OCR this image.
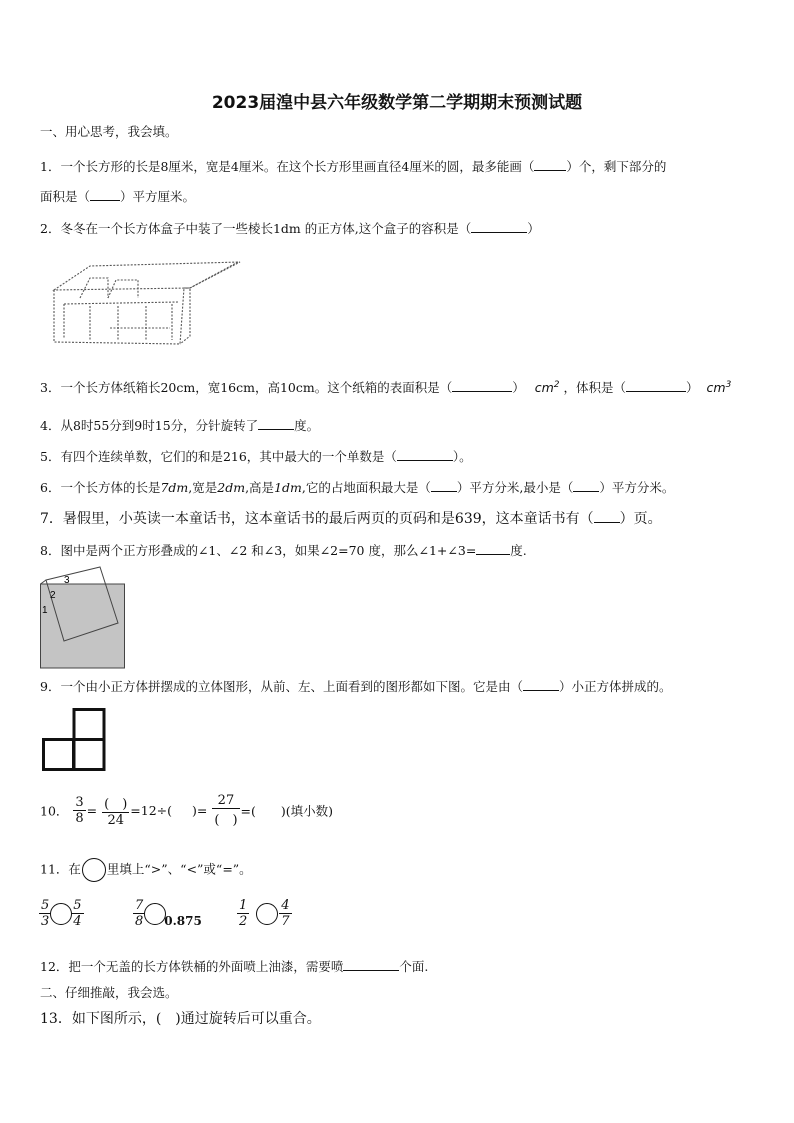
2023届湟中县六年级数学第二学期期末预测试题
一、用心思考，我会填。
1．一个长方形的长是8厘米，宽是4厘米。在这个长方形里画直径4厘米的圆，最多能画（	）个，剩下部分的
面积是（ ）平方厘米。
2．冬冬在一个长方体盒子中装了一些棱长1dm 的正方体,这个盒子的容积是（	）
3．一个长方体纸箱长20cm，宽16cm，高10cm。这个纸箱的表面积是（	） $cm^2$ ，体积是（	） $cm^3$
4．从8时55分到9时15分，分针旋转了	度。
5．有四个连续单数，它们的和是216，其中最大的一个单数是（	）。
6．一个长方体的长是7dm,宽是2dm,高是1dm,它的占地面积最大是（ ）平方分米,最小是（ ）平方分米。
7．暑假里，小英读一本童话书，这本童话书的最后两页的页码和是639，这本童话书有（ ）页。
8．图中是两个正方形叠成的∠1、∠2 和∠3，如果∠2=70 度，那么∠1+∠3=	度.
3
2
1
9．一个由小正方体拼摆成的立体图形，从前、左、上面看到的图形都如下图。它是由（	）小正方体拼成的。
10． $\frac{3}{8} = \frac{( )}{24} =12\div$( )= $\frac{27}{( )}$ =(　　)(填小数)
11．在 里填上“>”、“<”或“=”。
$\frac{5}{3} \frac{5}{4}$	$\frac{7}{8} 0.875$	$\frac{1}{2} \frac{4}{7}$
12．把一个无盖的长方体铁桶的外面喷上油漆，需要喷	个面.
二、仔细推敲，我会选。
13．如下图所示，(　)通过旋转后可以重合。
